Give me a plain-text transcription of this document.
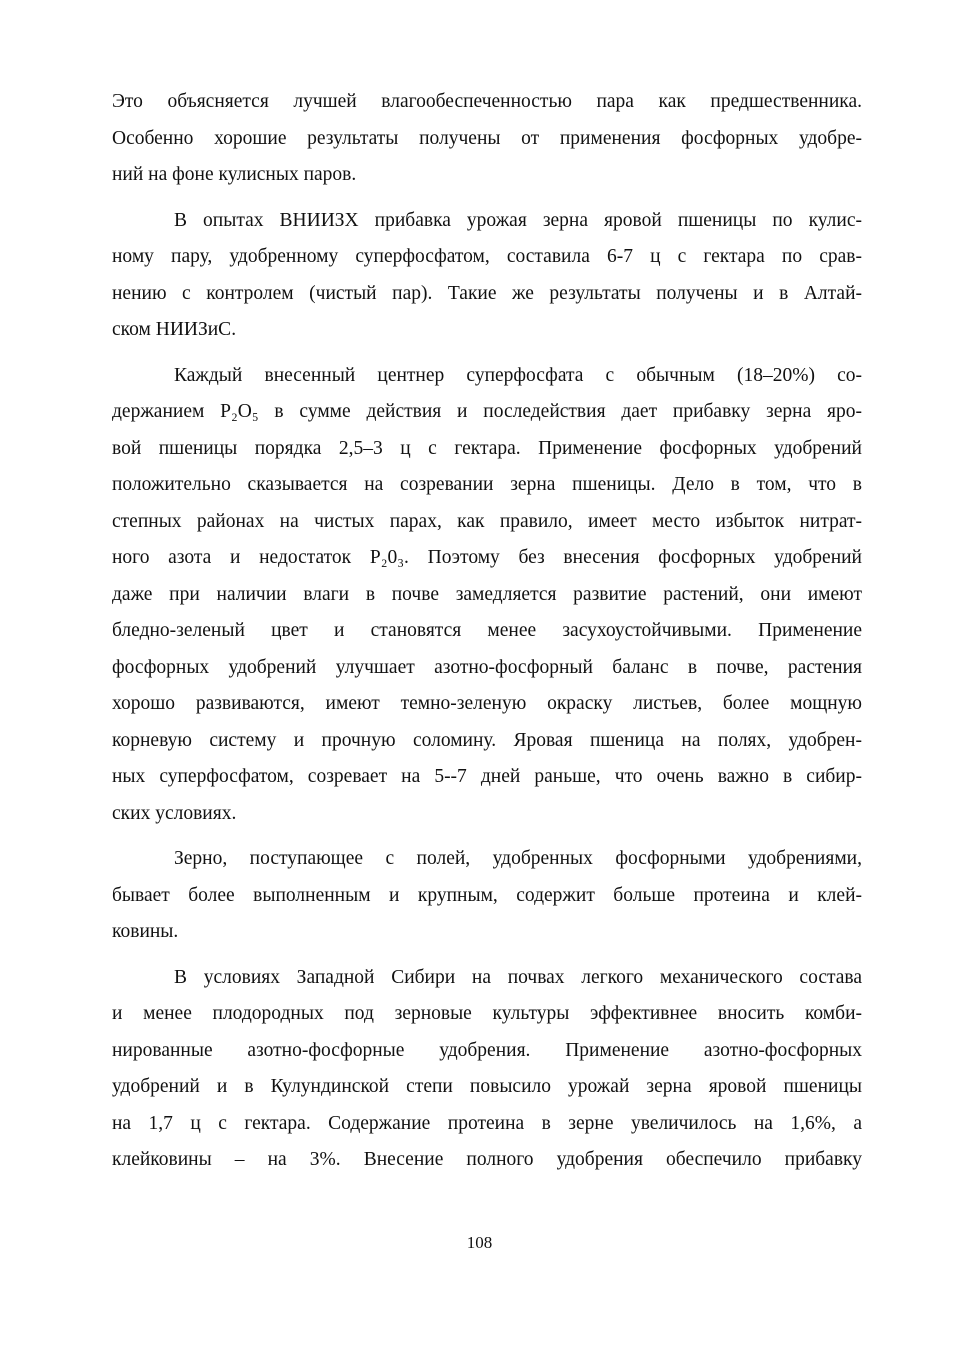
Это объясняется лучшей влагообеспеченностью пара как предшественника.
Особенно хорошие результаты получены от применения фосфорных удобре-
ний на фоне кулисных паров.

В опытах ВНИИЗХ прибавка урожая зерна яровой пшеницы по кулис-
ному пару, удобренному суперфосфатом, составила 6-7 ц с гектара по срав-
нению с контролем (чистый пар). Такие же результаты получены и в Алтай-
ском НИИЗиС.

Каждый внесенный центнер суперфосфата с обычным (18–20%) со-
держанием P₂O₅ в сумме действия и последействия дает прибавку зерна яро-
вой пшеницы порядка 2,5–3 ц с гектара. Применение фосфорных удобрений
положительно сказывается на созревании зерна пшеницы. Дело в том, что в
степных районах на чистых парах, как правило, имеет место избыток нитрат-
ного азота и недостаток P₂0₃. Поэтому без внесения фосфорных удобрений
даже при наличии влаги в почве замедляется развитие растений, они имеют
бледно-зеленый цвет и становятся менее засухоустойчивыми. Применение
фосфорных удобрений улучшает азотно-фосфорный баланс в почве, растения
хорошо развиваются, имеют темно-зеленую окраску листьев, более мощную
корневую систему и прочную соломину. Яровая пшеница на полях, удобрен-
ных суперфосфатом, созревает на 5--7 дней раньше, что очень важно в сибир-
ских условиях.

Зерно, поступающее с полей, удобренных фосфорными удобрениями,
бывает более выполненным и крупным, содержит больше протеина и клей-
ковины.

В условиях Западной Сибири на почвах легкого механического состава
и менее плодородных под зерновые культуры эффективнее вносить комби-
нированные азотно-фосфорные удобрения. Применение азотно-фосфорных
удобрений и в Кулундинской степи повысило урожай зерна яровой пшеницы
на 1,7 ц с гектара. Содержание протеина в зерне увеличилось на 1,6%, а
клейковины – на 3%. Внесение полного удобрения обеспечило прибавку

108
